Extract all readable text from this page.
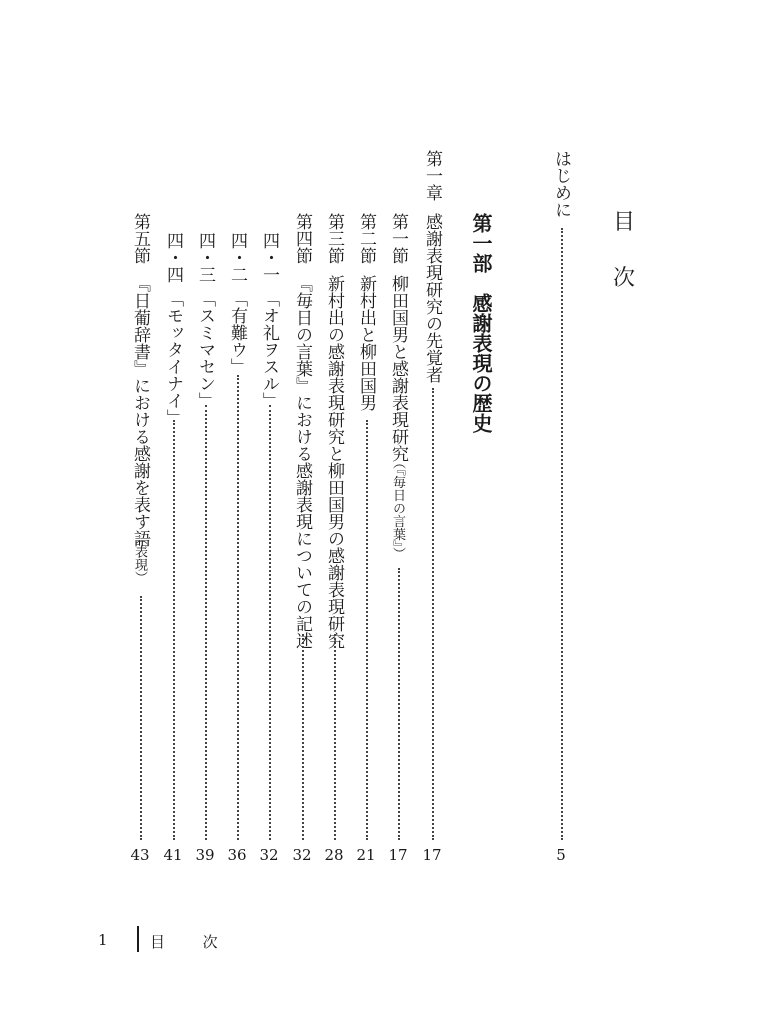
目
次
はじめに
5
第一部　感謝表現の歴史
第一章
感謝表現研究の先覚者
17
第一節
柳田国男と感謝表現研究
（『毎日の言葉』）
17
第二節
新村出と柳田国男
21
第三節
新村出の感謝表現研究と柳田国男の感謝表現研究
28
第四節
『毎日の言葉』における感謝表現についての記述
32
四・一
「オ礼ヲスル」
32
四・二
「有難ウ」
36
四・三
「スミマセン」
39
四・四
「モッタイナイ」
41
第五節
『日葡辞書』における感謝を表す語
（表現）
43
1	目	次
